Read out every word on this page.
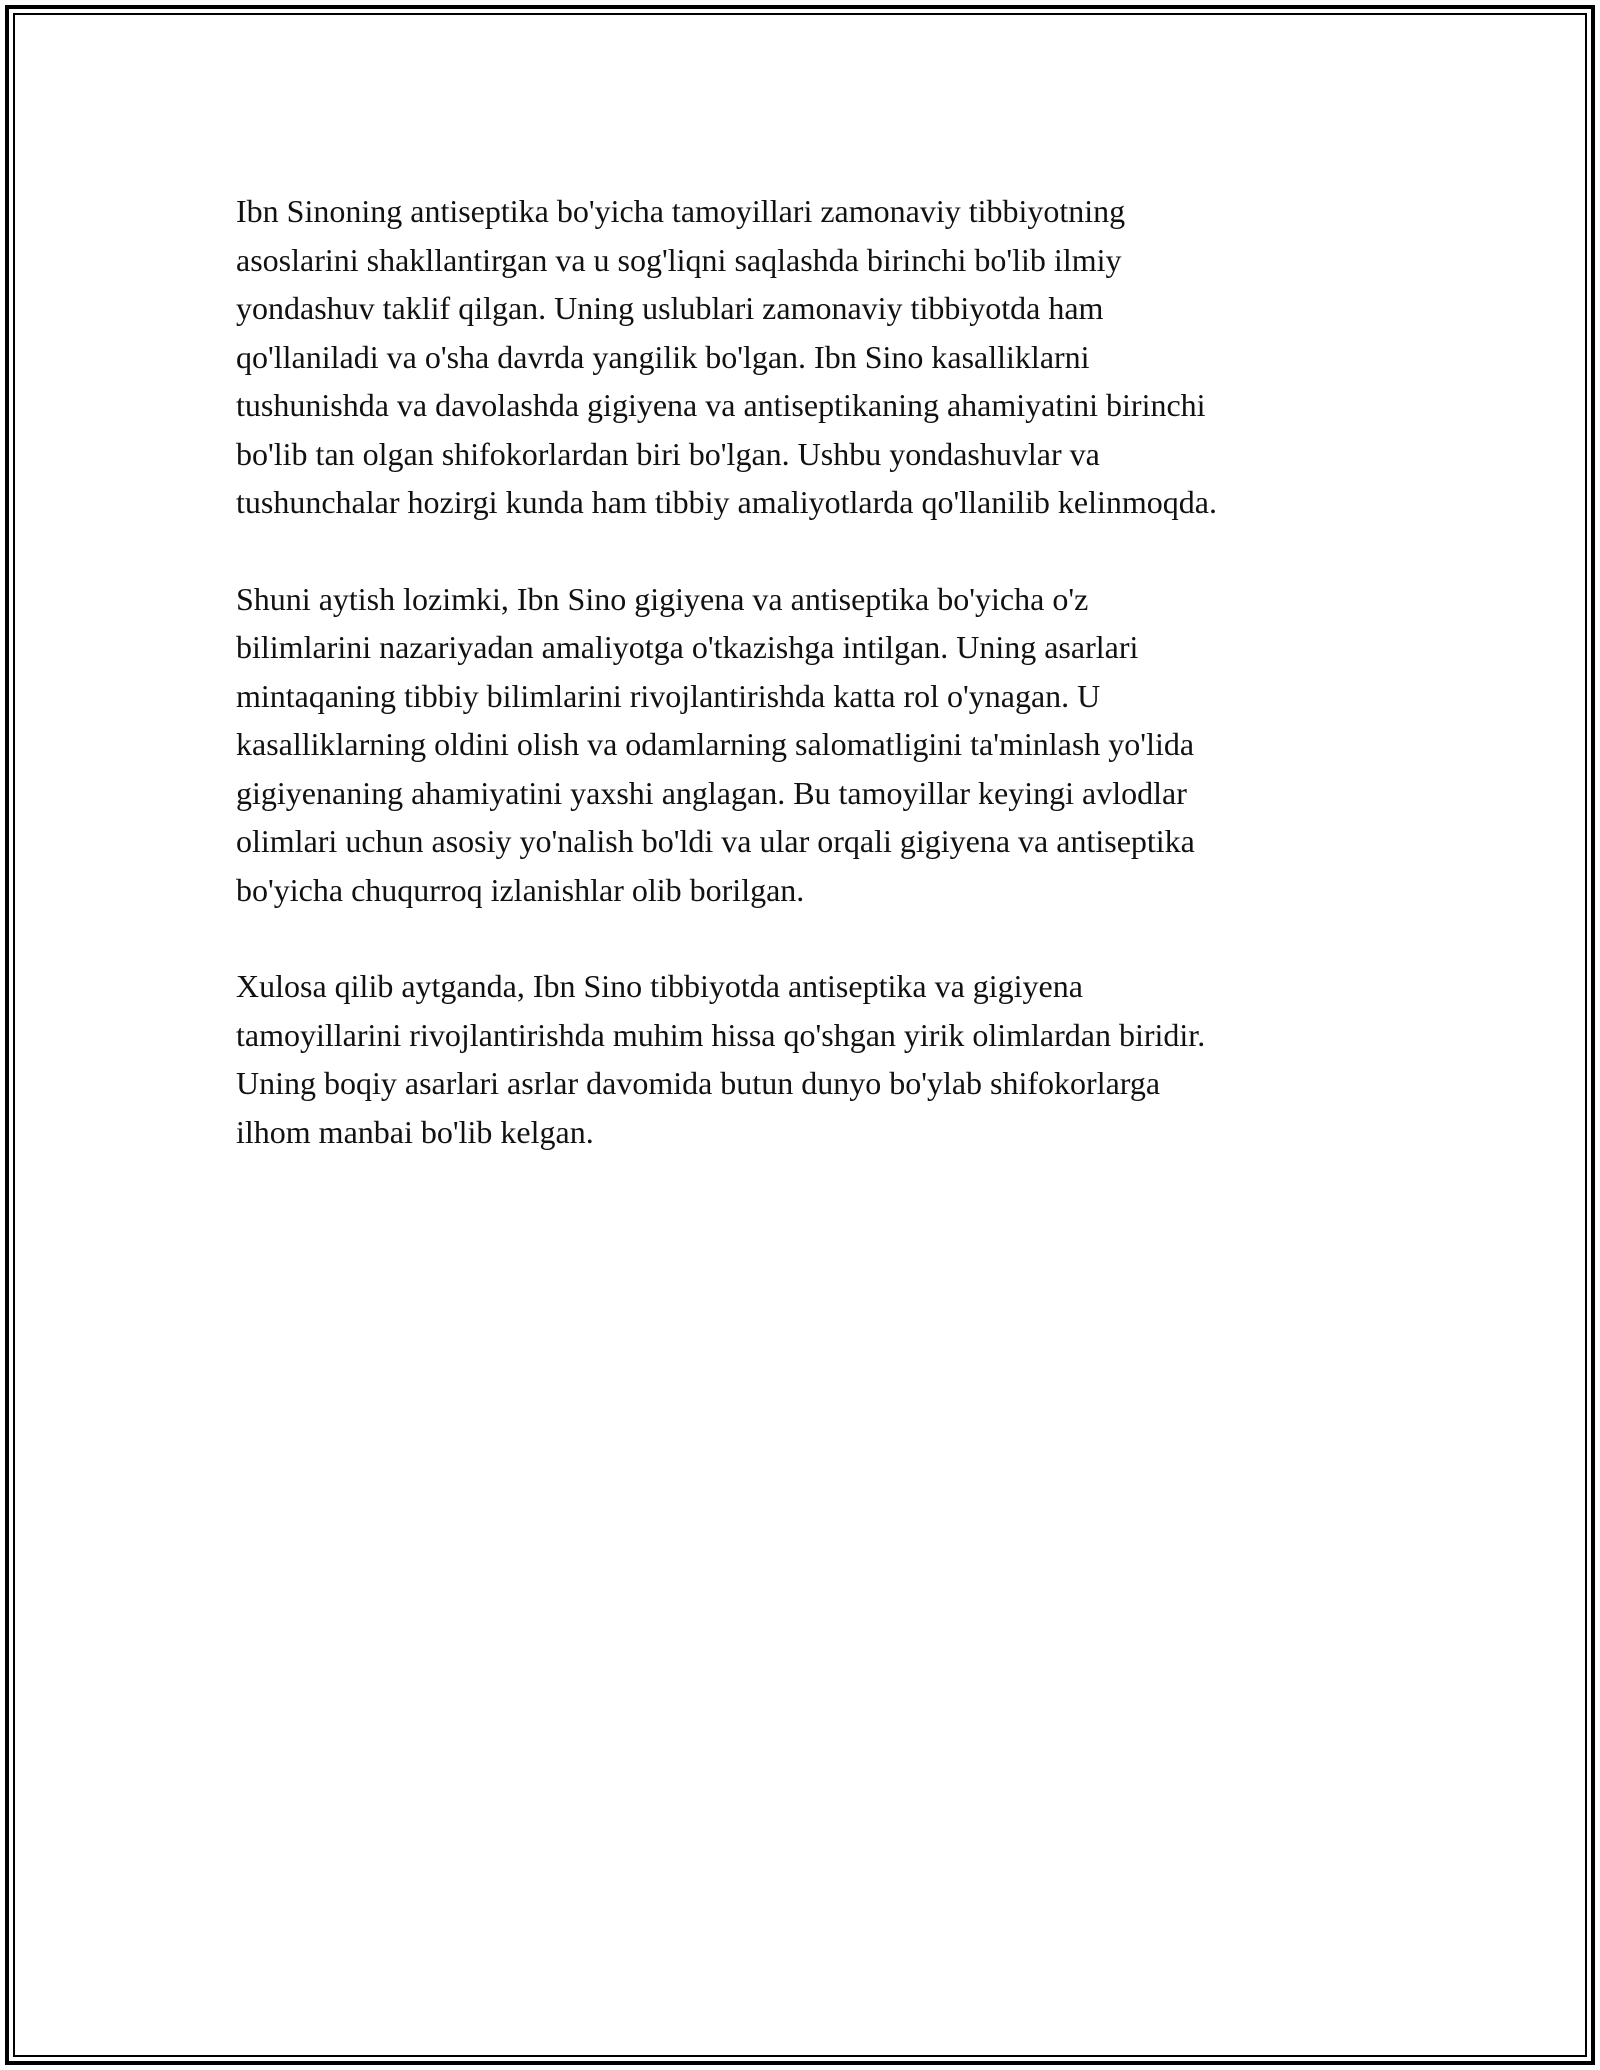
Ibn Sinoning antiseptika bo'yicha tamoyillari zamonaviy tibbiyotning
asoslarini shakllantirgan va u sog'liqni saqlashda birinchi bo'lib ilmiy
yondashuv taklif qilgan. Uning uslublari zamonaviy tibbiyotda ham
qo'llaniladi va o'sha davrda yangilik bo'lgan. Ibn Sino kasalliklarni
tushunishda va davolashda gigiyena va antiseptikaning ahamiyatini birinchi
bo'lib tan olgan shifokorlardan biri bo'lgan. Ushbu yondashuvlar va
tushunchalar hozirgi kunda ham tibbiy amaliyotlarda qo'llanilib kelinmoqda.

Shuni aytish lozimki, Ibn Sino gigiyena va antiseptika bo'yicha o'z
bilimlarini nazariyadan amaliyotga o'tkazishga intilgan. Uning asarlari
mintaqaning tibbiy bilimlarini rivojlantirishda katta rol o'ynagan. U
kasalliklarning oldini olish va odamlarning salomatligini ta'minlash yo'lida
gigiyenaning ahamiyatini yaxshi anglagan. Bu tamoyillar keyingi avlodlar
olimlari uchun asosiy yo'nalish bo'ldi va ular orqali gigiyena va antiseptika
bo'yicha chuqurroq izlanishlar olib borilgan.

Xulosa qilib aytganda, Ibn Sino tibbiyotda antiseptika va gigiyena
tamoyillarini rivojlantirishda muhim hissa qo'shgan yirik olimlardan biridir.
Uning boqiy asarlari asrlar davomida butun dunyo bo'ylab shifokorlarga
ilhom manbai bo'lib kelgan.
